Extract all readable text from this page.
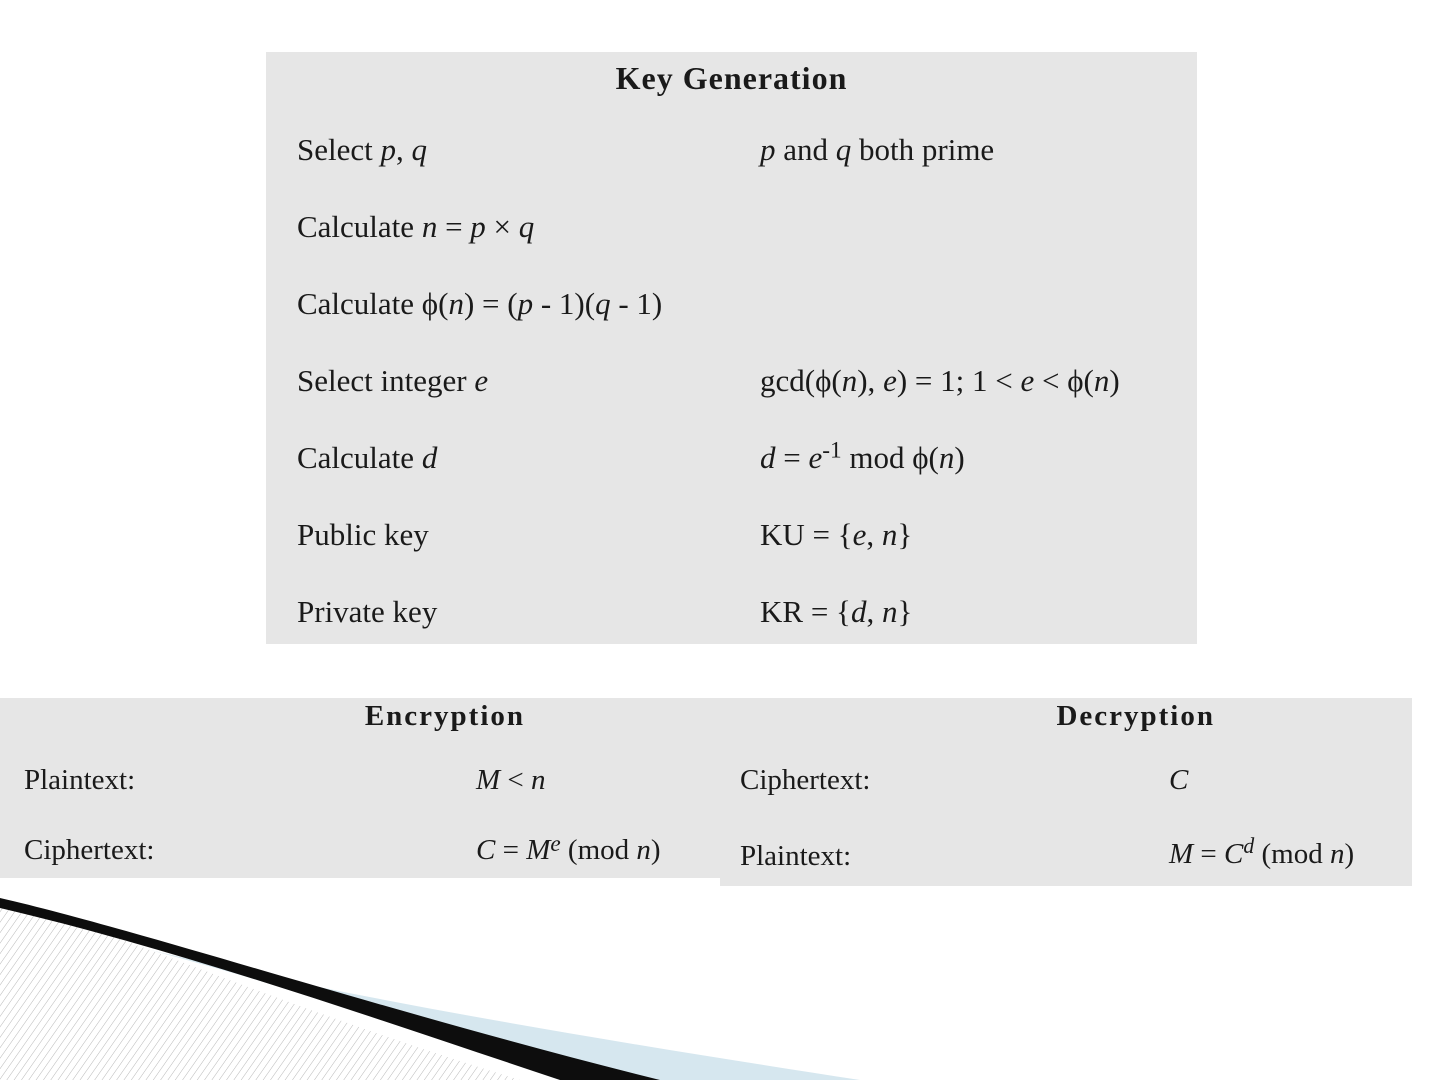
Key Generation
Select p, q	p and q both prime
Calculate n = p × q
Calculate ϕ(n) = (p - 1)(q - 1)
Select integer e	gcd(ϕ(n), e) = 1; 1 < e < ϕ(n)
Calculate d	$d = e^{-1}$ mod ϕ(n)
Public key	KU = {e, n}
Private key	KR = {d, n}
Encryption
Plaintext:	M < n
Ciphertext:	$C = M^e$ (mod n)
Decryption
Ciphertext:	C
Plaintext:	$M = C^d$ (mod n)
